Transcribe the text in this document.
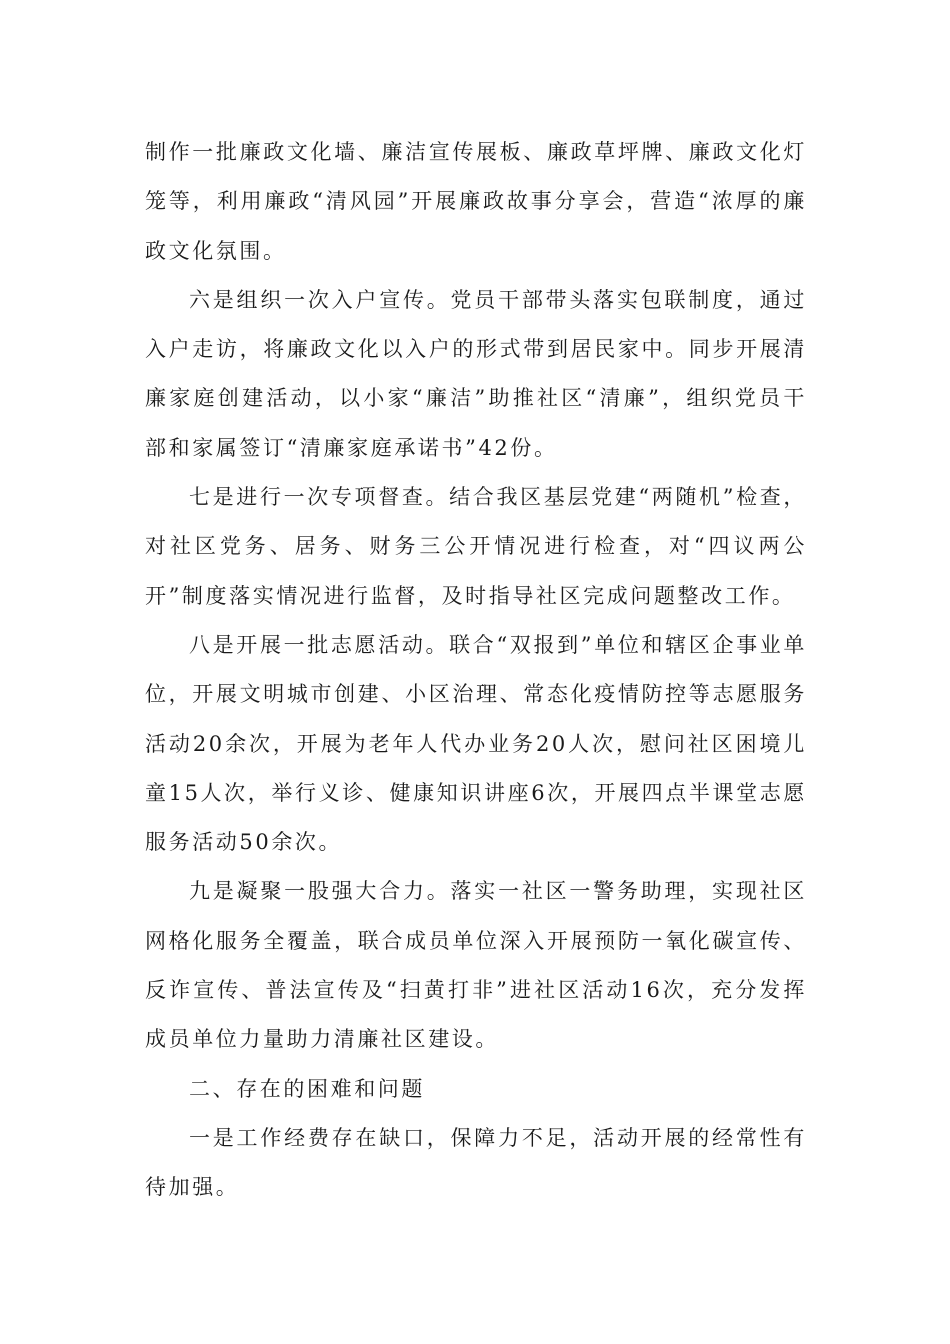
制作一批廉政文化墙、廉洁宣传展板、廉政草坪牌、廉政文化灯笼等，利用廉政“清风园”开展廉政故事分享会，营造“浓厚的廉政文化氛围。

六是组织一次入户宣传。党员干部带头落实包联制度，通过入户走访，将廉政文化以入户的形式带到居民家中。同步开展清廉家庭创建活动，以小家“廉洁”助推社区“清廉”，组织党员干部和家属签订“清廉家庭承诺书”42份。

七是进行一次专项督查。结合我区基层党建“两随机”检查，对社区党务、居务、财务三公开情况进行检查，对“四议两公开”制度落实情况进行监督，及时指导社区完成问题整改工作。

八是开展一批志愿活动。联合“双报到”单位和辖区企事业单位，开展文明城市创建、小区治理、常态化疫情防控等志愿服务活动20余次，开展为老年人代办业务20人次，慰问社区困境儿童15人次，举行义诊、健康知识讲座6次，开展四点半课堂志愿服务活动50余次。

九是凝聚一股强大合力。落实一社区一警务助理，实现社区网格化服务全覆盖，联合成员单位深入开展预防一氧化碳宣传、反诈宣传、普法宣传及“扫黄打非”进社区活动16次，充分发挥成员单位力量助力清廉社区建设。

二、存在的困难和问题

一是工作经费存在缺口，保障力不足，活动开展的经常性有待加强。
